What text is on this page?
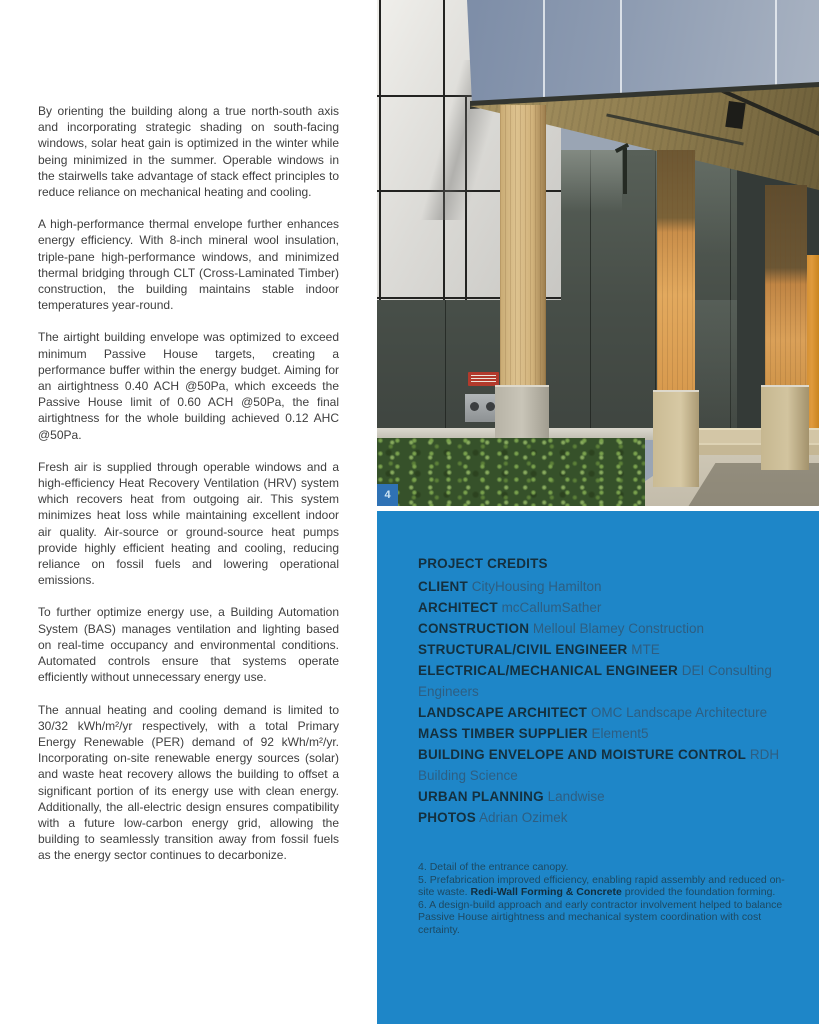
By orienting the building along a true north-south axis and incorporating strategic shading on south-facing windows, solar heat gain is optimized in the winter while being minimized in the summer. Operable windows in the stairwells take advantage of stack effect principles to reduce reliance on mechanical heating and cooling.

A high-performance thermal envelope further enhances energy efficiency. With 8-inch mineral wool insulation, triple-pane high-performance windows, and minimized thermal bridging through CLT (Cross-Laminated Timber) construction, the building maintains stable indoor temperatures year-round.

The airtight building envelope was optimized to exceed minimum Passive House targets, creating a performance buffer within the energy budget. Aiming for an airtightness 0.40 ACH @50Pa, which exceeds the Passive House limit of 0.60 ACH @50Pa, the final airtightness for the whole building achieved 0.12 AHC @50Pa.

Fresh air is supplied through operable windows and a high-efficiency Heat Recovery Ventilation (HRV) system which recovers heat from outgoing air. This system minimizes heat loss while maintaining excellent indoor air quality. Air-source or ground-source heat pumps provide highly efficient heating and cooling, reducing reliance on fossil fuels and lowering operational emissions.

To further optimize energy use, a Building Automation System (BAS) manages ventilation and lighting based on real-time occupancy and environmental conditions. Automated controls ensure that systems operate efficiently without unnecessary energy use.

The annual heating and cooling demand is limited to 30/32 kWh/m²/yr respectively, with a total Primary Energy Renewable (PER) demand of 92 kWh/m²/yr. Incorporating on-site renewable energy sources (solar) and waste heat recovery allows the building to offset a significant portion of its energy use with clean energy. Additionally, the all-electric design ensures compatibility with a future low-carbon energy grid, allowing the building to seamlessly transition away from fossil fuels as the energy sector continues to decarbonize.

4
PROJECT CREDITS
CLIENT CityHousing Hamilton
ARCHITECT mcCallumSather
CONSTRUCTION Melloul Blamey Construction
STRUCTURAL/CIVIL ENGINEER MTE
ELECTRICAL/MECHANICAL ENGINEER DEI Consulting Engineers
LANDSCAPE ARCHITECT OMC Landscape Architecture
MASS TIMBER SUPPLIER Element5
BUILDING ENVELOPE AND MOISTURE CONTROL RDH Building Science
URBAN PLANNING Landwise
PHOTOS Adrian Ozimek

4. Detail of the entrance canopy.

5. Prefabrication improved efficiency, enabling rapid assembly and reduced on-site waste. Redi-Wall Forming & Concrete provided the foundation forming.

6. A design-build approach and early contractor involvement helped to balance Passive House airtightness and mechanical system coordination with cost certainty.
